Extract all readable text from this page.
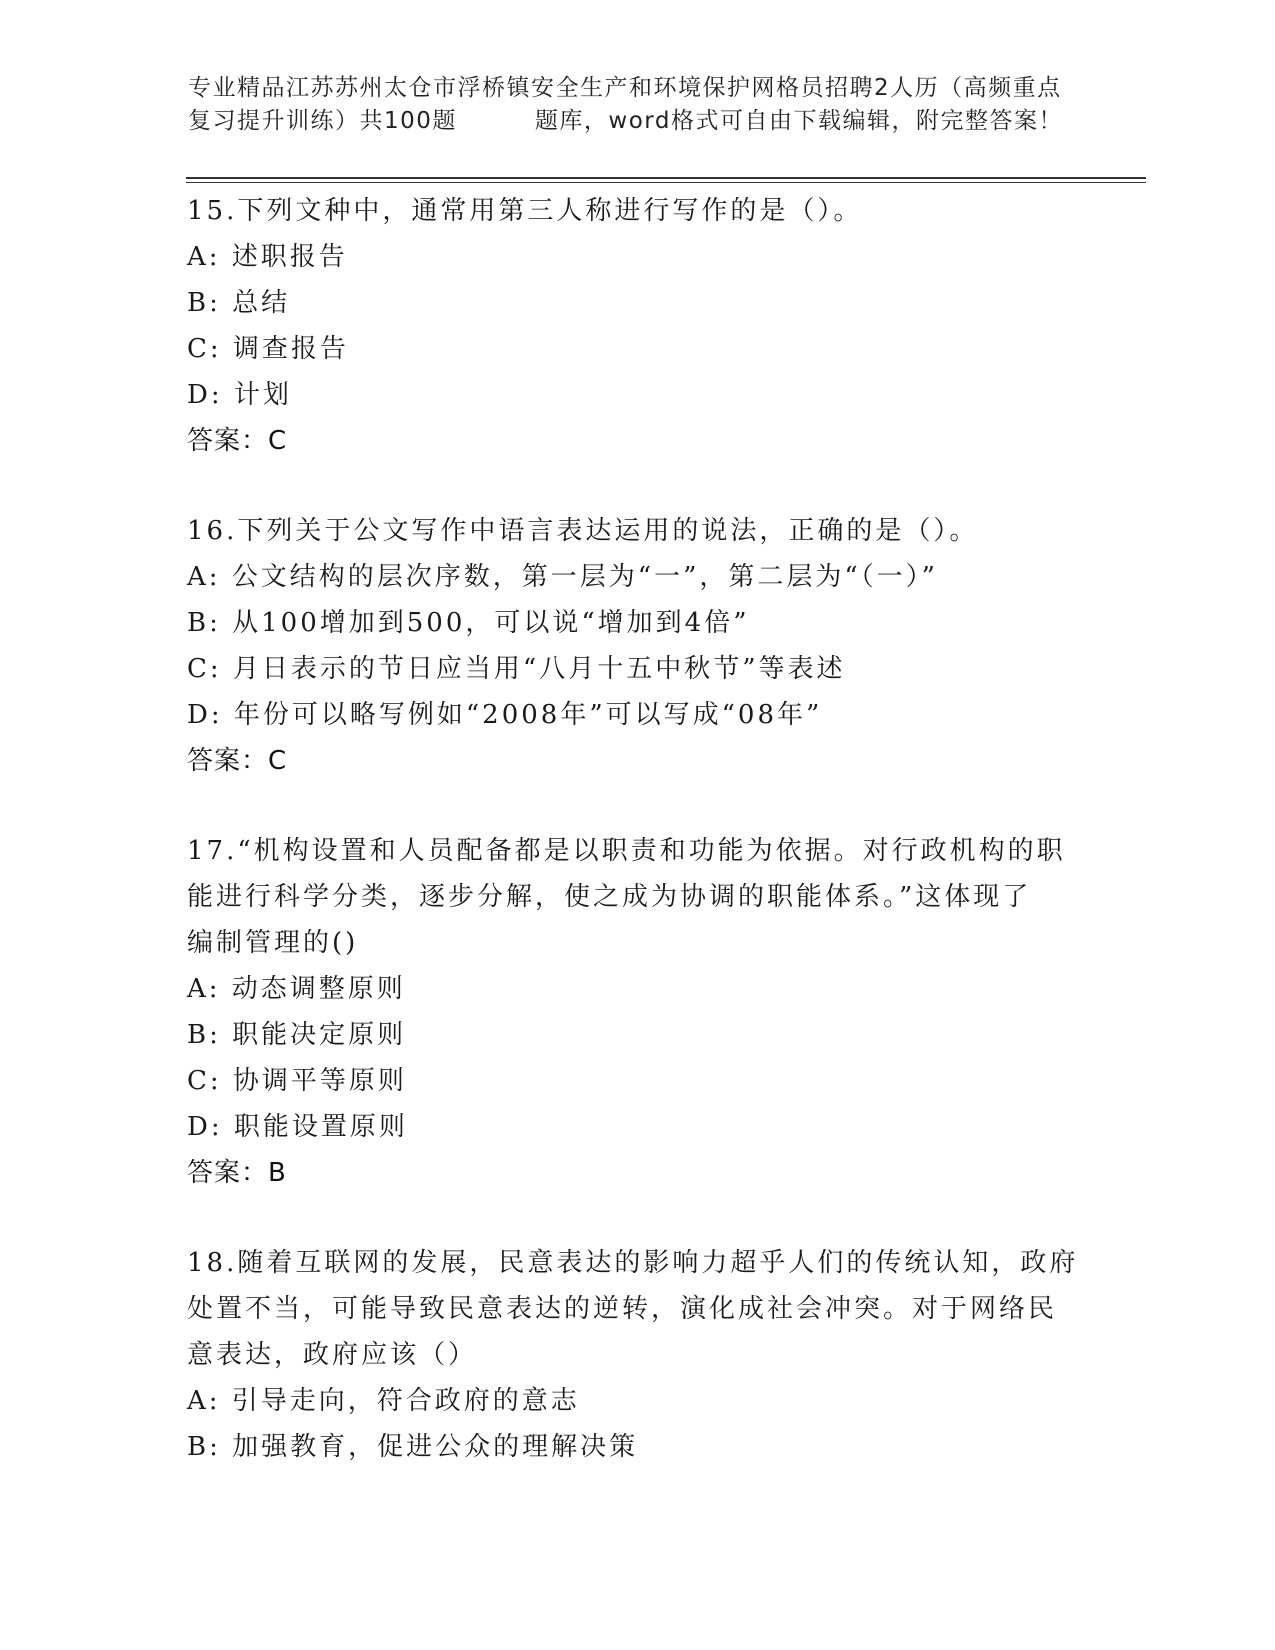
专业精品江苏苏州太仓市浮桥镇安全生产和环境保护网格员招聘2人历（高频重点
复习提升训练）共100题	题库，word格式可自由下载编辑，附完整答案！
15.下列文种中，通常用第三人称进行写作的是（）。
A: 述职报告
B: 总结
C: 调查报告
D: 计划
答案：C
16.下列关于公文写作中语言表达运用的说法，正确的是（）。
A: 公文结构的层次序数，第一层为“一”，第二层为“（一）”
B: 从100增加到500，可以说“增加到4倍”
C: 月日表示的节日应当用“八月十五中秋节”等表述
D: 年份可以略写例如“2008年”可以写成“08年”
答案：C
17.“机构设置和人员配备都是以职责和功能为依据。对行政机构的职
能进行科学分类，逐步分解，使之成为协调的职能体系。”这体现了
编制管理的()
A: 动态调整原则
B: 职能决定原则
C: 协调平等原则
D: 职能设置原则
答案：B
18.随着互联网的发展，民意表达的影响力超乎人们的传统认知，政府
处置不当，可能导致民意表达的逆转，演化成社会冲突。对于网络民
意表达，政府应该（）
A: 引导走向，符合政府的意志
B: 加强教育，促进公众的理解决策
